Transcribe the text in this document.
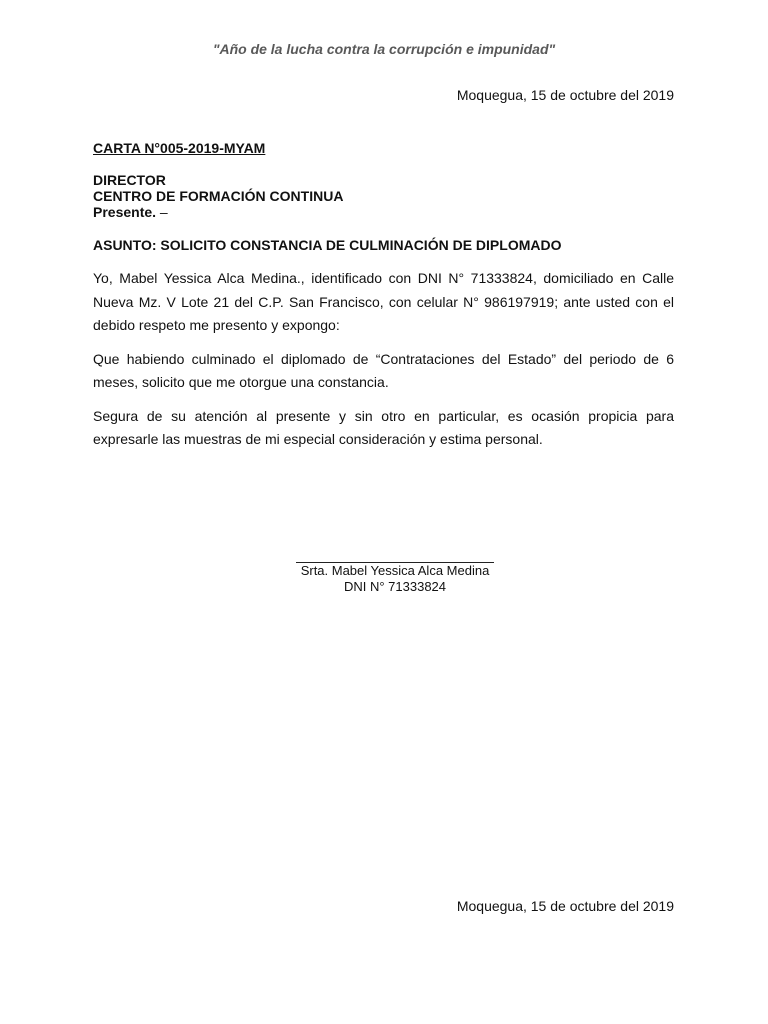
"Año de la lucha contra la corrupción e impunidad"
Moquegua, 15 de octubre del 2019
CARTA N°005-2019-MYAM
DIRECTOR
CENTRO DE FORMACIÓN CONTINUA
Presente. –
ASUNTO: SOLICITO CONSTANCIA DE CULMINACIÓN DE DIPLOMADO

Yo, Mabel Yessica Alca Medina., identificado con DNI N° 71333824, domiciliado en Calle Nueva Mz. V Lote 21 del C.P. San Francisco, con celular N° 986197919; ante usted con el debido respeto me presento y expongo:

Que habiendo culminado el diplomado de “Contrataciones del Estado” del periodo de 6 meses, solicito que me otorgue una constancia.

Segura de su atención al presente y sin otro en particular, es ocasión propicia para expresarle las muestras de mi especial consideración y estima personal.

Srta. Mabel Yessica Alca Medina
DNI N° 71333824
Moquegua, 15 de octubre del 2019
